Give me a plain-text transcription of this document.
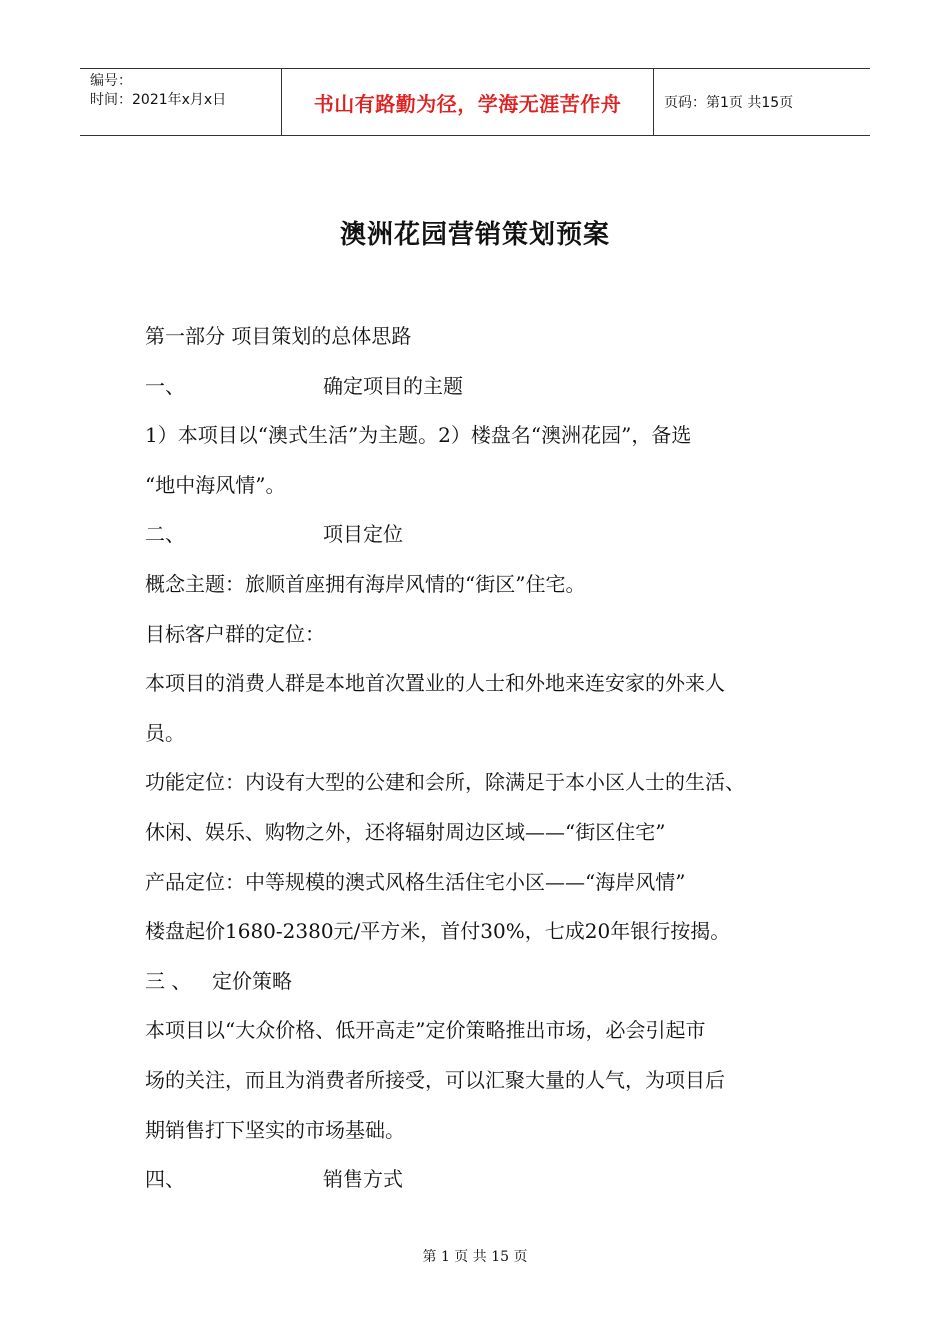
编号：
时间：2021年x月x日	书山有路勤为径，学海无涯苦作舟	页码：第1页 共15页
澳洲花园营销策划预案
第一部分 项目策划的总体思路
一、	确定项目的主题
1）本项目以“澳式生活”为主题。2）楼盘名“澳洲花园”，备选
“地中海风情”。
二、	项目定位
概念主题：旅顺首座拥有海岸风情的“街区”住宅。
目标客户群的定位：
本项目的消费人群是本地首次置业的人士和外地来连安家的外来人
员。
功能定位：内设有大型的公建和会所，除满足于本小区人士的生活、
休闲、娱乐、购物之外，还将辐射周边区域——“街区住宅”
产品定位：中等规模的澳式风格生活住宅小区——“海岸风情”
楼盘起价1680-2380元/平方米，首付30%，七成20年银行按揭。
三 、 定价策略
本项目以“大众价格、低开高走”定价策略推出市场，必会引起市
场的关注，而且为消费者所接受，可以汇聚大量的人气，为项目后
期销售打下坚实的市场基础。
四、	销售方式
第 1 页 共 15 页
